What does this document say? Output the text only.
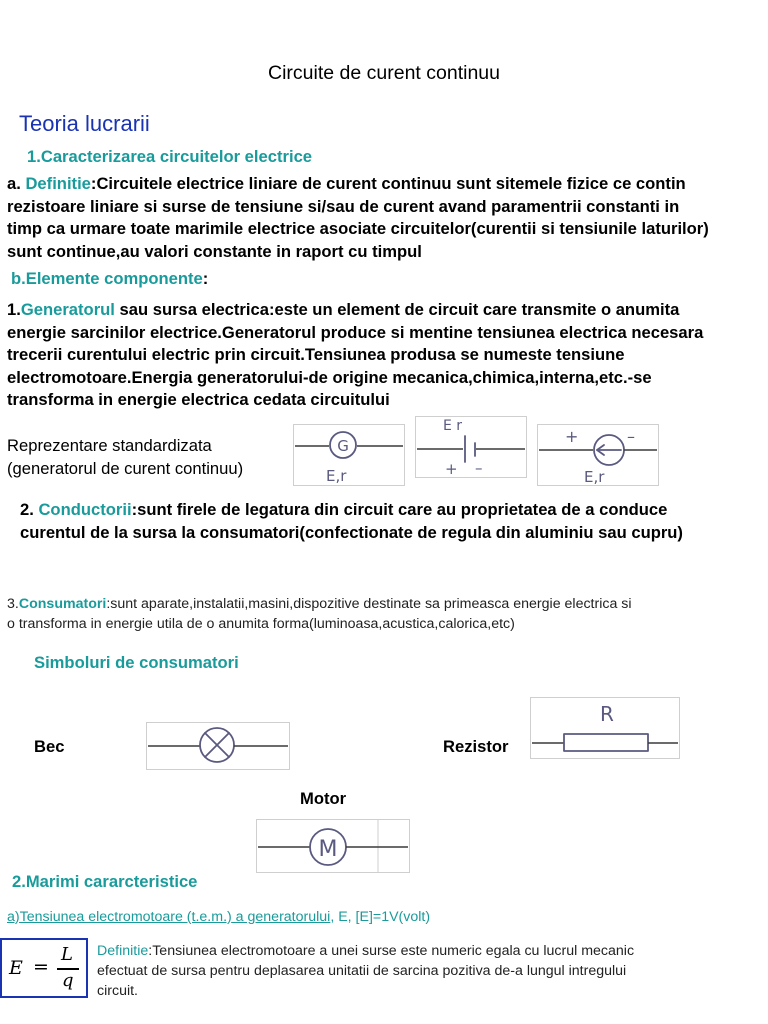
Circuite de curent continuu
Teoria lucrarii
1.Caracterizarea circuitelor electrice
a. Definitie:Circuitele electrice liniare de curent continuu sunt sitemele fizice ce contin
rezistoare liniare si surse de tensiune si/sau de curent avand paramentrii constanti in
timp ca urmare toate marimile electrice asociate circuitelor(curentii si tensiunile laturilor)
sunt continue,au valori constante in raport cu timpul
b.Elemente componente:
1.Generatorul sau sursa electrica:este un element de circuit care transmite o anumita
energie sarcinilor electrice.Generatorul produce si mentine tensiunea electrica necesara
trecerii curentului electric prin circuit.Tensiunea produsa se numeste tensiune
electromotoare.Energia generatorului-de origine mecanica,chimica,interna,etc.-se
transforma in energie electrica cedata circuitului
Reprezentare standardizata
(generatorul de curent continuu)
G
E,r
E r
+ –
+	–
E,r
2. Conductorii:sunt firele de legatura din circuit care au proprietatea de a conduce
curentul de la sursa la consumatori(confectionate de regula din aluminiu sau cupru)
3.Consumatori:sunt aparate,instalatii,masini,dispozitive destinate sa primeasca energie electrica si
o transforma in energie utila de o anumita forma(luminoasa,acustica,calorica,etc)
Simboluri de consumatori
Bec	Rezistor
R
Motor
M
2.Marimi cararcteristice
a)Tensiunea electromotoare (t.e.m.) a generatorului, E, [E]=1V(volt)
E =
L
q
Definitie:Tensiunea electromotoare a unei surse este numeric egala cu lucrul mecanic
efectuat de sursa pentru deplasarea unitatii de sarcina pozitiva de-a lungul intregului
circuit.
